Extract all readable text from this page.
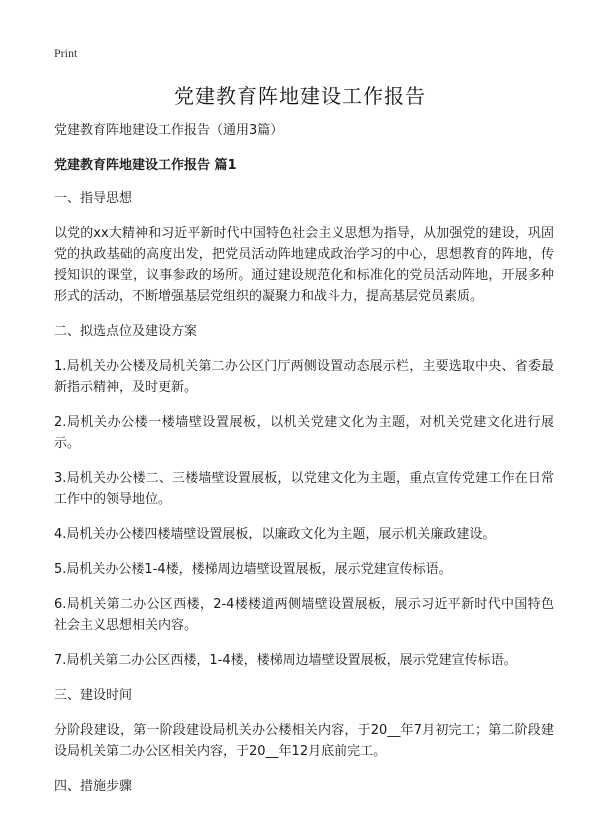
Print
党建教育阵地建设工作报告

党建教育阵地建设工作报告（通用3篇）

党建教育阵地建设工作报告 篇1

一、指导思想

以党的xx大精神和习近平新时代中国特色社会主义思想为指导，从加强党的建设，巩固党的执政基础的高度出发，把党员活动阵地建成政治学习的中心，思想教育的阵地，传授知识的课堂，议事参政的场所。通过建设规范化和标准化的党员活动阵地，开展多种形式的活动，不断增强基层党组织的凝聚力和战斗力，提高基层党员素质。

二、拟选点位及建设方案

1.局机关办公楼及局机关第二办公区门厅两侧设置动态展示栏，主要选取中央、省委最新指示精神，及时更新。

2.局机关办公楼一楼墙壁设置展板，以机关党建文化为主题，对机关党建文化进行展示。

3.局机关办公楼二、三楼墙壁设置展板，以党建文化为主题，重点宣传党建工作在日常工作中的领导地位。

4.局机关办公楼四楼墙壁设置展板，以廉政文化为主题，展示机关廉政建设。

5.局机关办公楼1-4楼，楼梯周边墙壁设置展板，展示党建宣传标语。

6.局机关第二办公区西楼，2-4楼楼道两侧墙壁设置展板，展示习近平新时代中国特色社会主义思想相关内容。

7.局机关第二办公区西楼，1-4楼，楼梯周边墙壁设置展板，展示党建宣传标语。

三、建设时间

分阶段建设，第一阶段建设局机关办公楼相关内容，于20__年7月初完工；第二阶段建设局机关第二办公区相关内容，于20__年12月底前完工。

四、措施步骤
